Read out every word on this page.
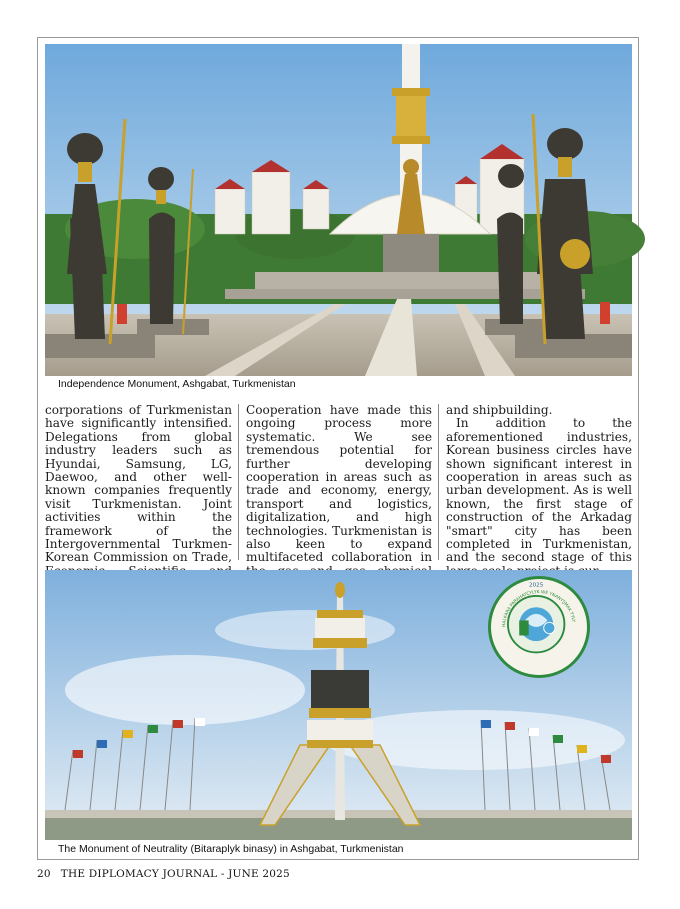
Independence Monument, Ashgabat, Turkmenistan

corporations of Turkmenistan have significantly intensified. Delegations from global industry leaders such as Hyundai, Samsung, LG, Daewoo, and other well-known companies frequently visit Turkmenistan. Joint activities within the framework of the Intergovernmental Turkmen-Korean Commission on Trade,

Cooperation have made this ongoing process more systematic. We see tremendous potential for further developing cooperation in areas such as trade and economy, energy, transport and logistics, digitalization, and high technologies. Turkmenistan is also keen to expand multifaceted collaboration in

and shipbuilding.

In addition to the aforementioned industries, Korean business circles have shown significant interest in cooperation in areas such as urban development. As is well known, the first stage of construction of the Arkadag "smart" city has been completed in Turkmenistan, and the second stage of this

2025
HALKARA PARAHATÇYLYK WE YNANYŞMAK ÝYLY
The Monument of Neutrality (Bitaraplyk binasy) in Ashgabat, Turkmenistan
20 THE DIPLOMACY JOURNAL - JUNE 2025
